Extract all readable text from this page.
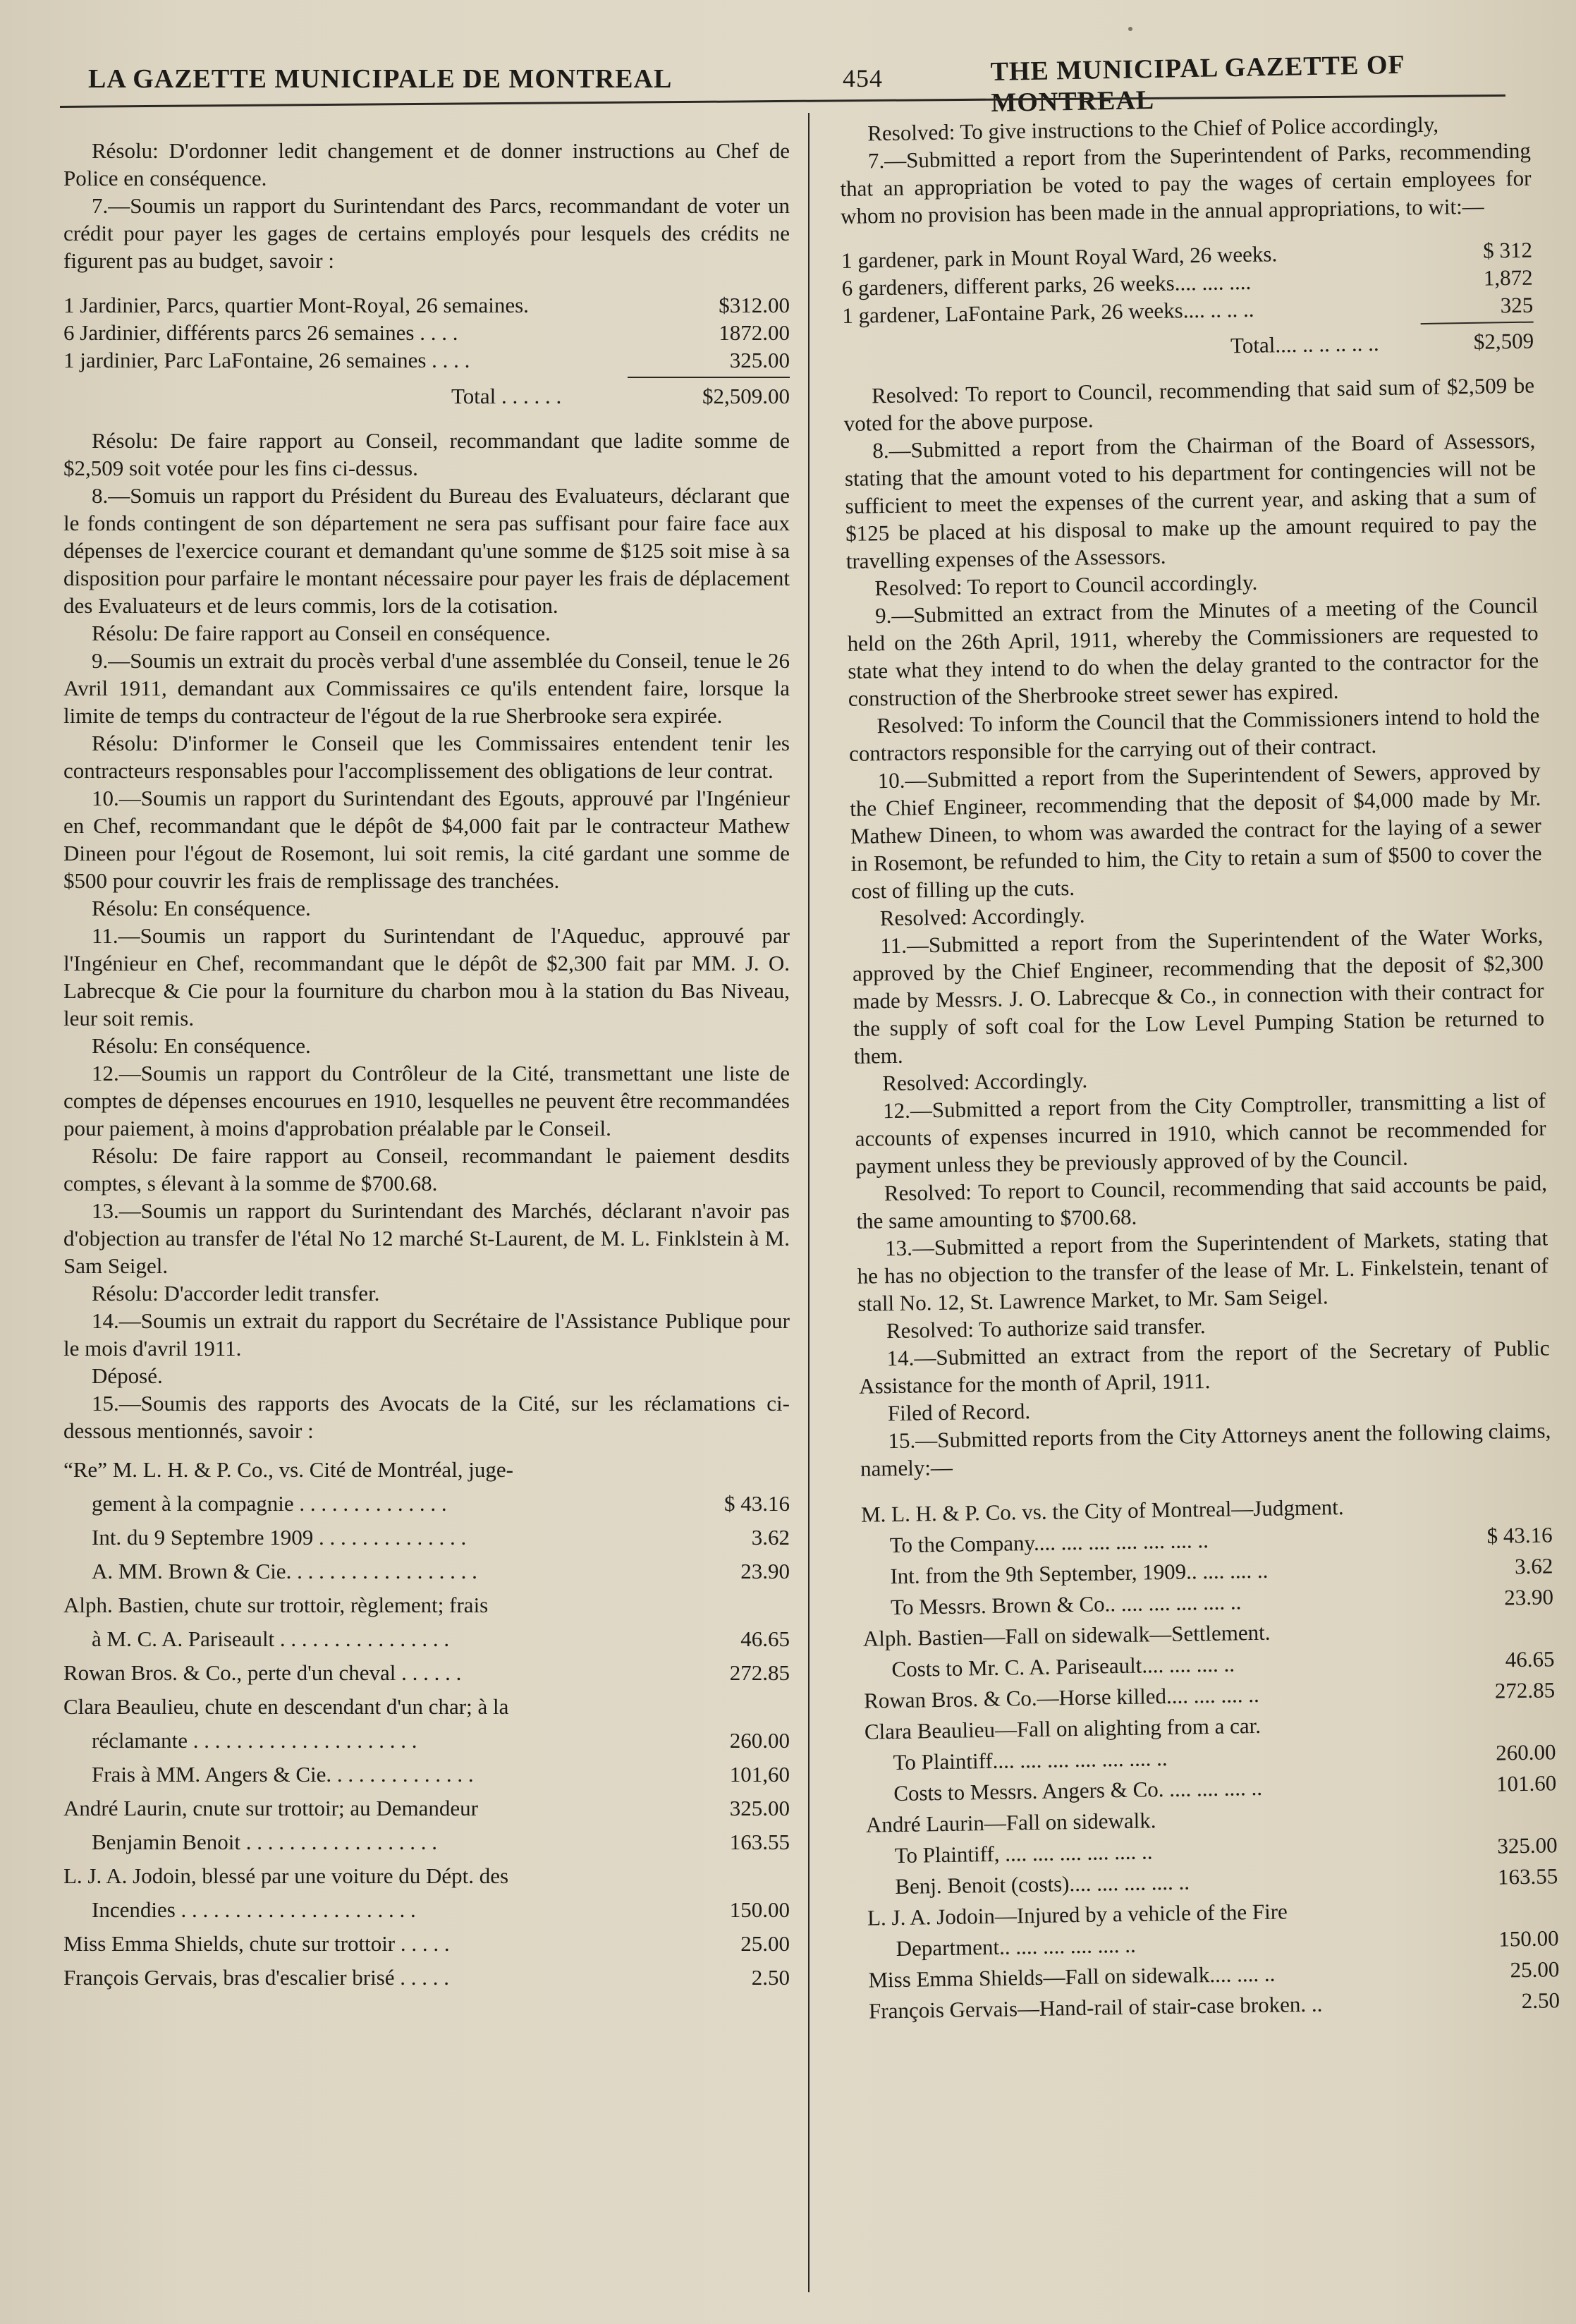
LA GAZETTE MUNICIPALE DE MONTREAL	454	THE MUNICIPAL GAZETTE OF MONTREAL

Résolu: D'ordonner ledit changement et de donner instructions au Chef de Police en conséquence.

7.—Soumis un rapport du Surintendant des Parcs, recommandant de voter un crédit pour payer les gages de certains employés pour lesquels des crédits ne figurent pas au budget, savoir :

1 Jardinier, Parcs, quartier Mont-Royal, 26 semaines.	$312.00
6 Jardinier, différents parcs 26 semaines . . . .	1872.00
1 jardinier, Parc LaFontaine, 26 semaines . . . .	325.00
Total . . . . . .	$2,509.00

Résolu: De faire rapport au Conseil, recommandant que ladite somme de $2,509 soit votée pour les fins ci-dessus.

8.—Somuis un rapport du Président du Bureau des Evaluateurs, déclarant que le fonds contingent de son département ne sera pas suffisant pour faire face aux dépenses de l'exercice courant et demandant qu'une somme de $125 soit mise à sa disposition pour parfaire le montant nécessaire pour payer les frais de déplacement des Evaluateurs et de leurs commis, lors de la cotisation.

Résolu: De faire rapport au Conseil en conséquence.

9.—Soumis un extrait du procès verbal d'une assemblée du Conseil, tenue le 26 Avril 1911, demandant aux Commissaires ce qu'ils entendent faire, lorsque la limite de temps du contracteur de l'égout de la rue Sherbrooke sera expirée.

Résolu: D'informer le Conseil que les Commissaires entendent tenir les contracteurs responsables pour l'accomplissement des obligations de leur contrat.

10.—Soumis un rapport du Surintendant des Egouts, approuvé par l'Ingénieur en Chef, recommandant que le dépôt de $4,000 fait par le contracteur Mathew Dineen pour l'égout de Rosemont, lui soit remis, la cité gardant une somme de $500 pour couvrir les frais de remplissage des tranchées.

Résolu: En conséquence.

11.—Soumis un rapport du Surintendant de l'Aqueduc, approuvé par l'Ingénieur en Chef, recommandant que le dépôt de $2,300 fait par MM. J. O. Labrecque & Cie pour la fourniture du charbon mou à la station du Bas Niveau, leur soit remis.

Résolu: En conséquence.

12.—Soumis un rapport du Contrôleur de la Cité, transmettant une liste de comptes de dépenses encourues en 1910, lesquelles ne peuvent être recommandées pour paiement, à moins d'approbation préalable par le Conseil.

Résolu: De faire rapport au Conseil, recommandant le paiement desdits comptes, s élevant à la somme de $700.68.

13.—Soumis un rapport du Surintendant des Marchés, déclarant n'avoir pas d'objection au transfer de l'étal No 12 marché St-Laurent, de M. L. Finklstein à M. Sam Seigel.

Résolu: D'accorder ledit transfer.

14.—Soumis un extrait du rapport du Secrétaire de l'Assistance Publique pour le mois d'avril 1911.

Déposé.

15.—Soumis des rapports des Avocats de la Cité, sur les réclamations ci-dessous mentionnés, savoir :

“Re” M. L. H. & P. Co., vs. Cité de Montréal, juge-
gement à la compagnie . . . . . . . . . . . . . .	$ 43.16
Int. du 9 Septembre 1909 . . . . . . . . . . . . . .	3.62
A. MM. Brown & Cie. . . . . . . . . . . . . . . . . .	23.90
Alph. Bastien, chute sur trottoir, règlement; frais
à M. C. A. Pariseault . . . . . . . . . . . . . . . .	46.65
Rowan Bros. & Co., perte d'un cheval . . . . . .	272.85
Clara Beaulieu, chute en descendant d'un char; à la
réclamante . . . . . . . . . . . . . . . . . . . . .	260.00
Frais à MM. Angers & Cie. . . . . . . . . . . . . .	101,60
André Laurin, cnute sur trottoir; au Demandeur	325.00
Benjamin Benoit . . . . . . . . . . . . . . . . . .	163.55
L. J. A. Jodoin, blessé par une voiture du Dépt. des
Incendies . . . . . . . . . . . . . . . . . . . . . .	150.00
Miss Emma Shields, chute sur trottoir . . . . .	25.00
François Gervais, bras d'escalier brisé . . . . .	2.50

Resolved: To give instructions to the Chief of Police accordingly,

7.—Submitted a report from the Superintendent of Parks, recommending that an appropriation be voted to pay the wages of certain employees for whom no provision has been made in the annual appropriations, to wit:—

1 gardener, park in Mount Royal Ward, 26 weeks.	$ 312
6 gardeners, different parks, 26 weeks.... .... ....	1,872
1 gardener, LaFontaine Park, 26 weeks.... .. .. ..	325
Total.... .. .. .. .. ..	$2,509

Resolved: To report to Council, recommending that said sum of $2,509 be voted for the above purpose.

8.—Submitted a report from the Chairman of the Board of Assessors, stating that the amount voted to his department for contingencies will not be sufficient to meet the expenses of the current year, and asking that a sum of $125 be placed at his disposal to make up the amount required to pay the travelling expenses of the Assessors.

Resolved: To report to Council accordingly.

9.—Submitted an extract from the Minutes of a meeting of the Council held on the 26th April, 1911, whereby the Commissioners are requested to state what they intend to do when the delay granted to the contractor for the construction of the Sherbrooke street sewer has expired.

Resolved: To inform the Council that the Commissioners intend to hold the contractors responsible for the carrying out of their contract.

10.—Submitted a report from the Superintendent of Sewers, approved by the Chief Engineer, recommending that the deposit of $4,000 made by Mr. Mathew Dineen, to whom was awarded the contract for the laying of a sewer in Rosemont, be refunded to him, the City to retain a sum of $500 to cover the cost of filling up the cuts.

Resolved: Accordingly.

11.—Submitted a report from the Superintendent of the Water Works, approved by the Chief Engineer, recommending that the deposit of $2,300 made by Messrs. J. O. Labrecque & Co., in connection with their contract for the supply of soft coal for the Low Level Pumping Station be returned to them.

Resolved: Accordingly.

12.—Submitted a report from the City Comptroller, transmitting a list of accounts of expenses incurred in 1910, which cannot be recommended for payment unless they be previously approved of by the Council.

Resolved: To report to Council, recommending that said accounts be paid, the same amounting to $700.68.

13.—Submitted a report from the Superintendent of Markets, stating that he has no objection to the transfer of the lease of Mr. L. Finkelstein, tenant of stall No. 12, St. Lawrence Market, to Mr. Sam Seigel.

Resolved: To authorize said transfer.

14.—Submitted an extract from the report of the Secretary of Public Assistance for the month of April, 1911.

Filed of Record.

15.—Submitted reports from the City Attorneys anent the following claims, namely:—

M. L. H. & P. Co. vs. the City of Montreal—Judgment.
To the Company.... .... .... .... .... .... ..	$ 43.16
Int. from the 9th September, 1909.. .... .... ..	3.62
To Messrs. Brown & Co.. .... .... .... .... ..	23.90
Alph. Bastien—Fall on sidewalk—Settlement.
Costs to Mr. C. A. Pariseault.... .... .... ..	46.65
Rowan Bros. & Co.—Horse killed.... .... .... ..	272.85
Clara Beaulieu—Fall on alighting from a car.
To Plaintiff.... .... .... .... .... .... ..	260.00
Costs to Messrs. Angers & Co. .... .... .... ..	101.60
André Laurin—Fall on sidewalk.
To Plaintiff, .... .... .... .... .... ..	325.00
Benj. Benoit (costs).... .... .... .... ..	163.55
L. J. A. Jodoin—Injured by a vehicle of the Fire
Department.. .... .... .... .... ..	150.00
Miss Emma Shields—Fall on sidewalk.... .... ..	25.00
François Gervais—Hand-rail of stair-case broken. ..	2.50
